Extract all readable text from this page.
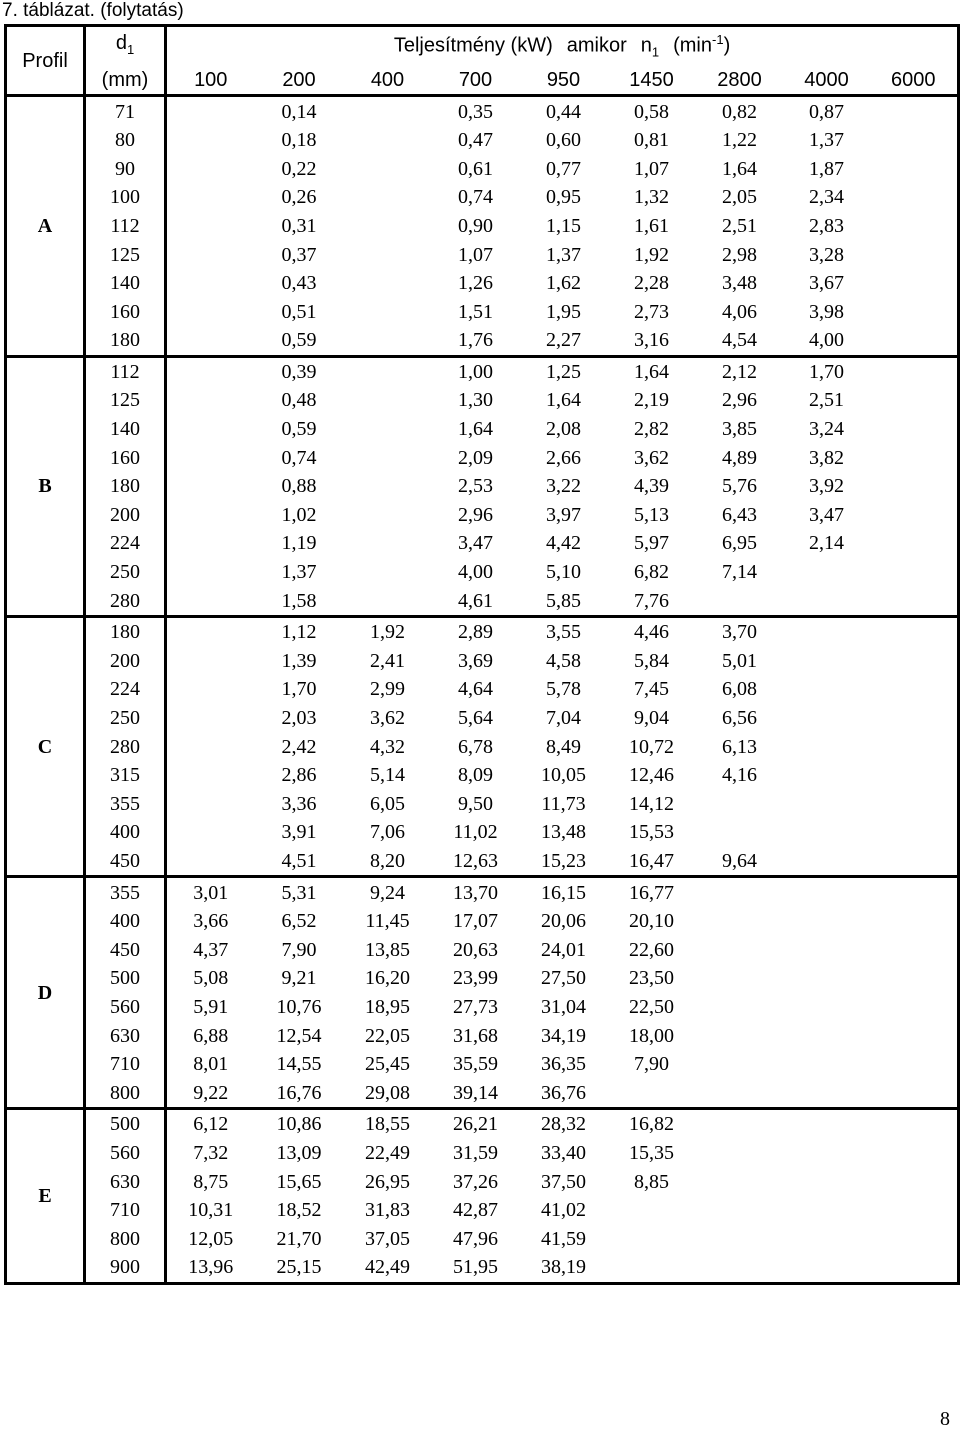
7. táblázat. (folytatás)
Profil	$d_1$	Teljesítmény (kW) amikor $n_1$ $(\min^{-1})$								
	(mm)	100	200	400	700	950	1450	2800	4000	6000
A	71		0,14		0,35	0,44	0,58	0,82	0,87	
	80		0,18		0,47	0,60	0,81	1,22	1,37	
	90		0,22		0,61	0,77	1,07	1,64	1,87	
	100		0,26		0,74	0,95	1,32	2,05	2,34	
	112		0,31		0,90	1,15	1,61	2,51	2,83	
	125		0,37		1,07	1,37	1,92	2,98	3,28	
	140		0,43		1,26	1,62	2,28	3,48	3,67	
	160		0,51		1,51	1,95	2,73	4,06	3,98	
	180		0,59		1,76	2,27	3,16	4,54	4,00	
B	112		0,39		1,00	1,25	1,64	2,12	1,70	
	125		0,48		1,30	1,64	2,19	2,96	2,51	
	140		0,59		1,64	2,08	2,82	3,85	3,24	
	160		0,74		2,09	2,66	3,62	4,89	3,82	
	180		0,88		2,53	3,22	4,39	5,76	3,92	
	200		1,02		2,96	3,97	5,13	6,43	3,47	
	224		1,19		3,47	4,42	5,97	6,95	2,14	
	250		1,37		4,00	5,10	6,82	7,14		
	280		1,58		4,61	5,85	7,76			
C	180		1,12	1,92	2,89	3,55	4,46	3,70		
	200		1,39	2,41	3,69	4,58	5,84	5,01		
	224		1,70	2,99	4,64	5,78	7,45	6,08		
	250		2,03	3,62	5,64	7,04	9,04	6,56		
	280		2,42	4,32	6,78	8,49	10,72	6,13		
	315		2,86	5,14	8,09	10,05	12,46	4,16		
	355		3,36	6,05	9,50	11,73	14,12			
	400		3,91	7,06	11,02	13,48	15,53			
	450		4,51	8,20	12,63	15,23	16,47	9,64		
D	355	3,01	5,31	9,24	13,70	16,15	16,77			
	400	3,66	6,52	11,45	17,07	20,06	20,10			
	450	4,37	7,90	13,85	20,63	24,01	22,60			
	500	5,08	9,21	16,20	23,99	27,50	23,50			
	560	5,91	10,76	18,95	27,73	31,04	22,50			
	630	6,88	12,54	22,05	31,68	34,19	18,00			
	710	8,01	14,55	25,45	35,59	36,35	7,90			
	800	9,22	16,76	29,08	39,14	36,76				
E	500	6,12	10,86	18,55	26,21	28,32	16,82			
	560	7,32	13,09	22,49	31,59	33,40	15,35			
	630	8,75	15,65	26,95	37,26	37,50	8,85			
	710	10,31	18,52	31,83	42,87	41,02				
	800	12,05	21,70	37,05	47,96	41,59				
	900	13,96	25,15	42,49	51,95	38,19				
8
